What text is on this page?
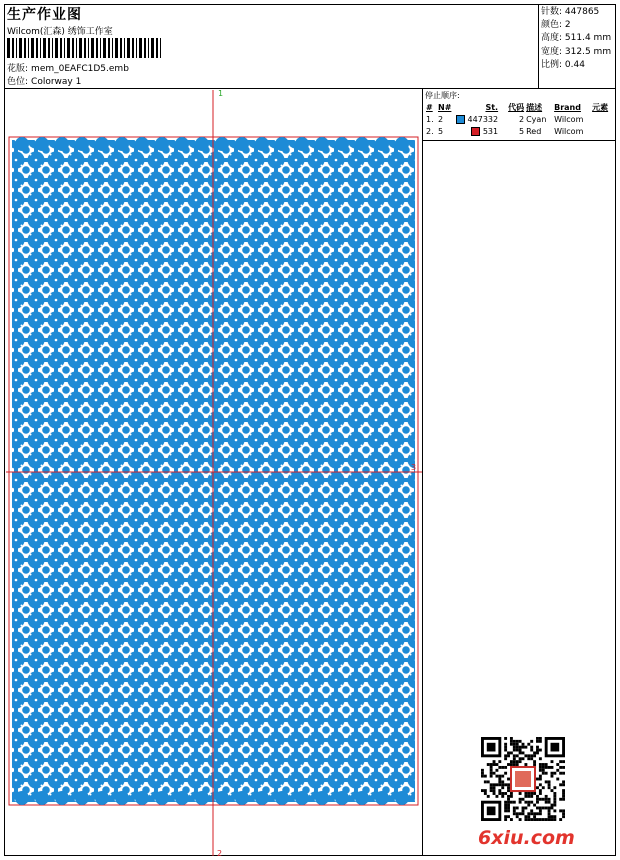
生产作业图
Wilcom(汇森) 绣饰工作室
花版: mem_0EAFC1D5.emb
色位: Colorway 1
针数: 447865
颜色: 2
高度: 511.4 mm
宽度: 312.5 mm
比例: 0.44
停止顺序:
#	N#	St.	代码	描述	Brand	元素
1.	2	447332	2	Cyan	Wilcom	
2.	5	531	5	Red	Wilcom	
1
2
3
6xiu.com
